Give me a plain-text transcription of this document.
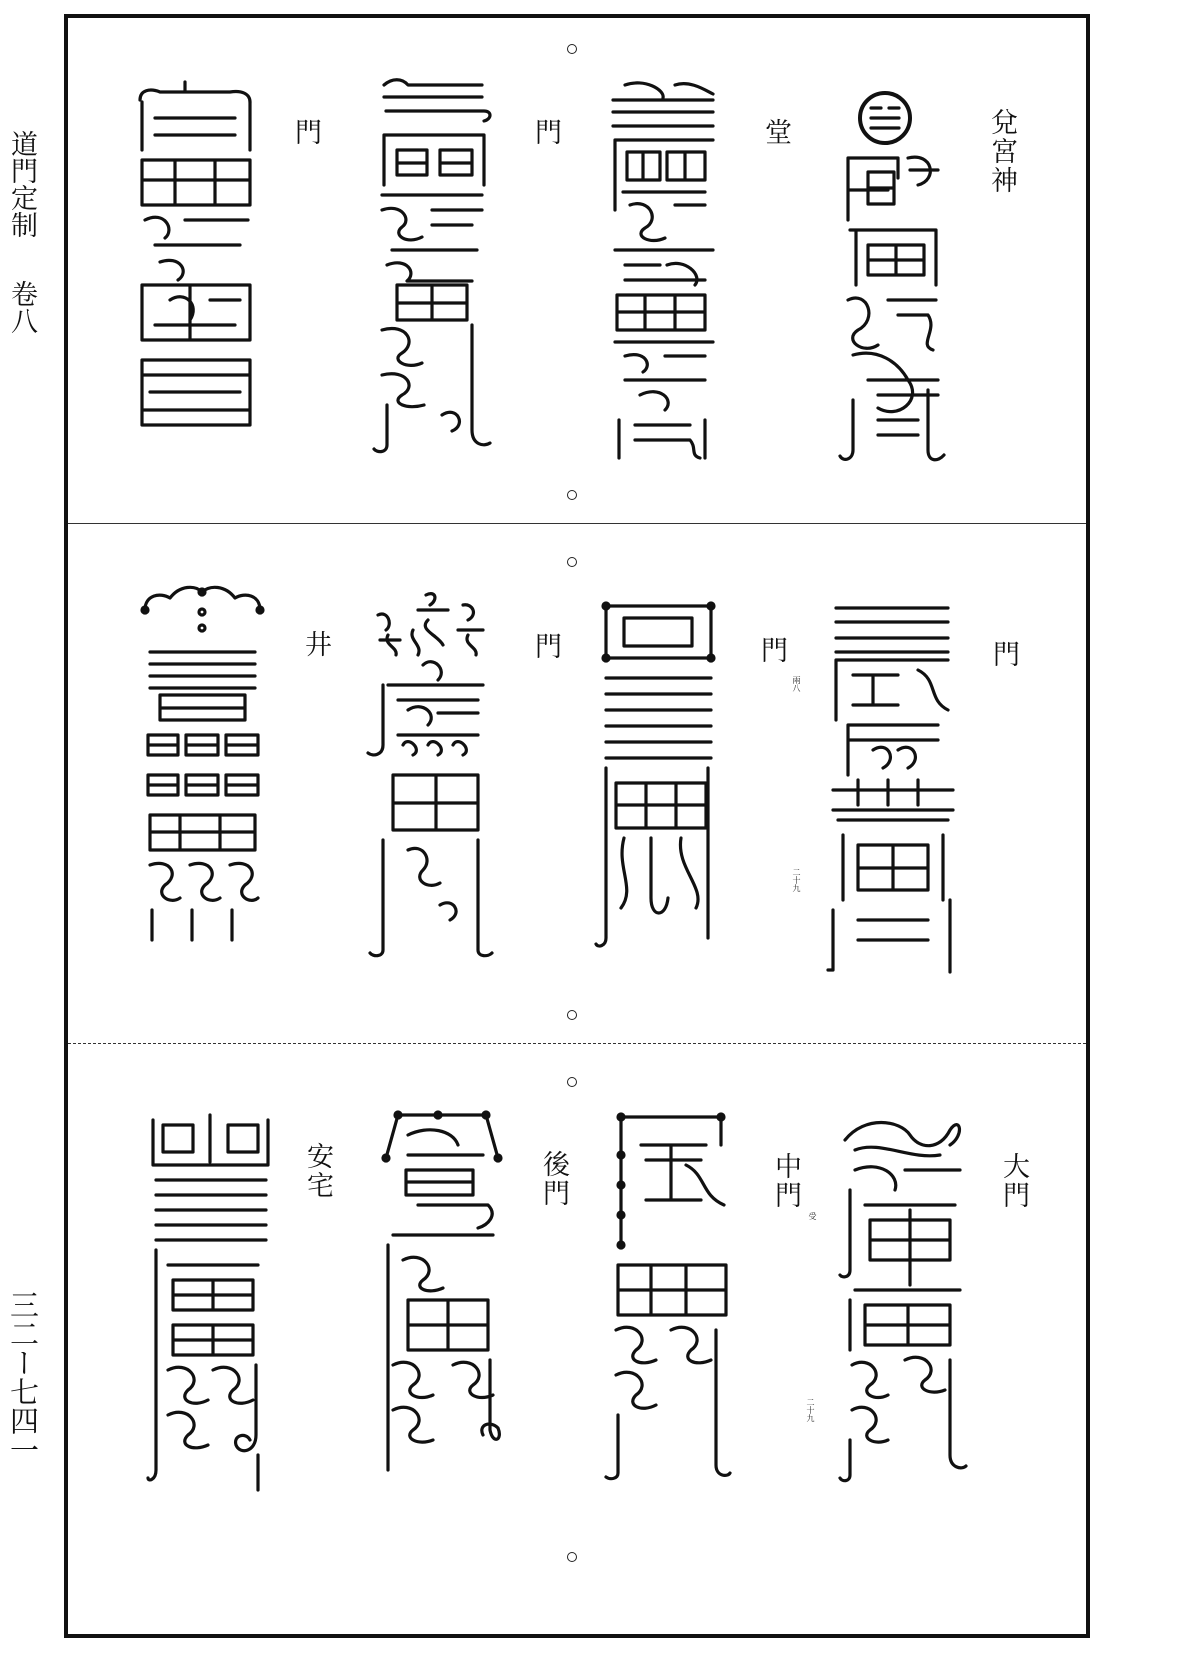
道門定制
卷八
三二ー七四一
兌宮神
堂
門
門
門
門
門
井
兩八
二十九
大門
中門
後門
安宅
受
二十九
